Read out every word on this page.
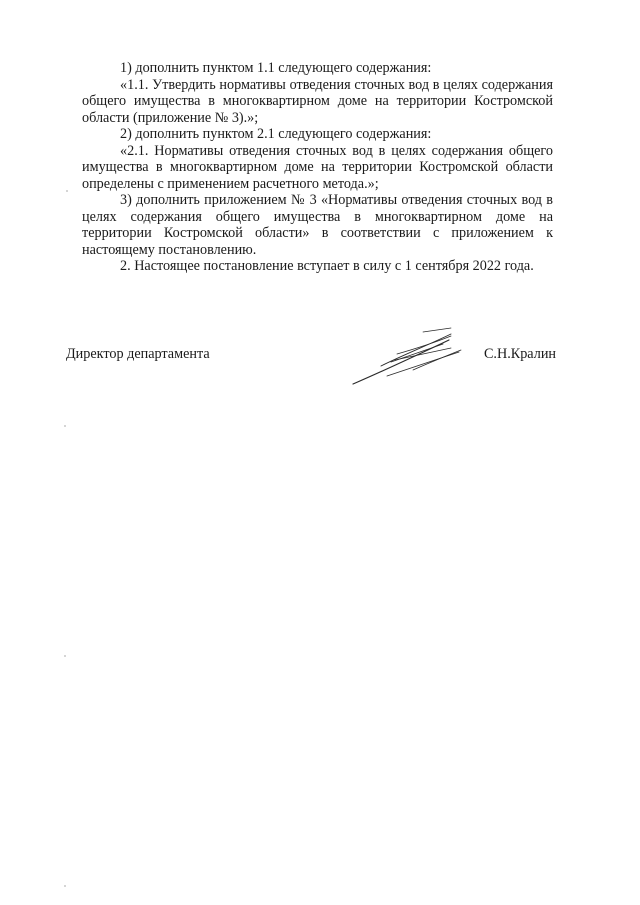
1) дополнить пунктом 1.1 следующего содержания:

«1.1. Утвердить нормативы отведения сточных вод в целях содержания общего имущества в многоквартирном доме на территории Костромской области (приложение № 3).»;

2) дополнить пунктом 2.1 следующего содержания:

«2.1. Нормативы отведения сточных вод в целях содержания общего имущества в многоквартирном доме на территории Костромской области определены с применением расчетного метода.»;

3) дополнить приложением № 3 «Нормативы отведения сточных вод в целях содержания общего имущества в многоквартирном доме на территории Костромской области» в соответствии с приложением к настоящему постановлению.

2. Настоящее постановление вступает в силу с 1 сентября 2022 года.

Директор департамента	С.Н.Кралин
